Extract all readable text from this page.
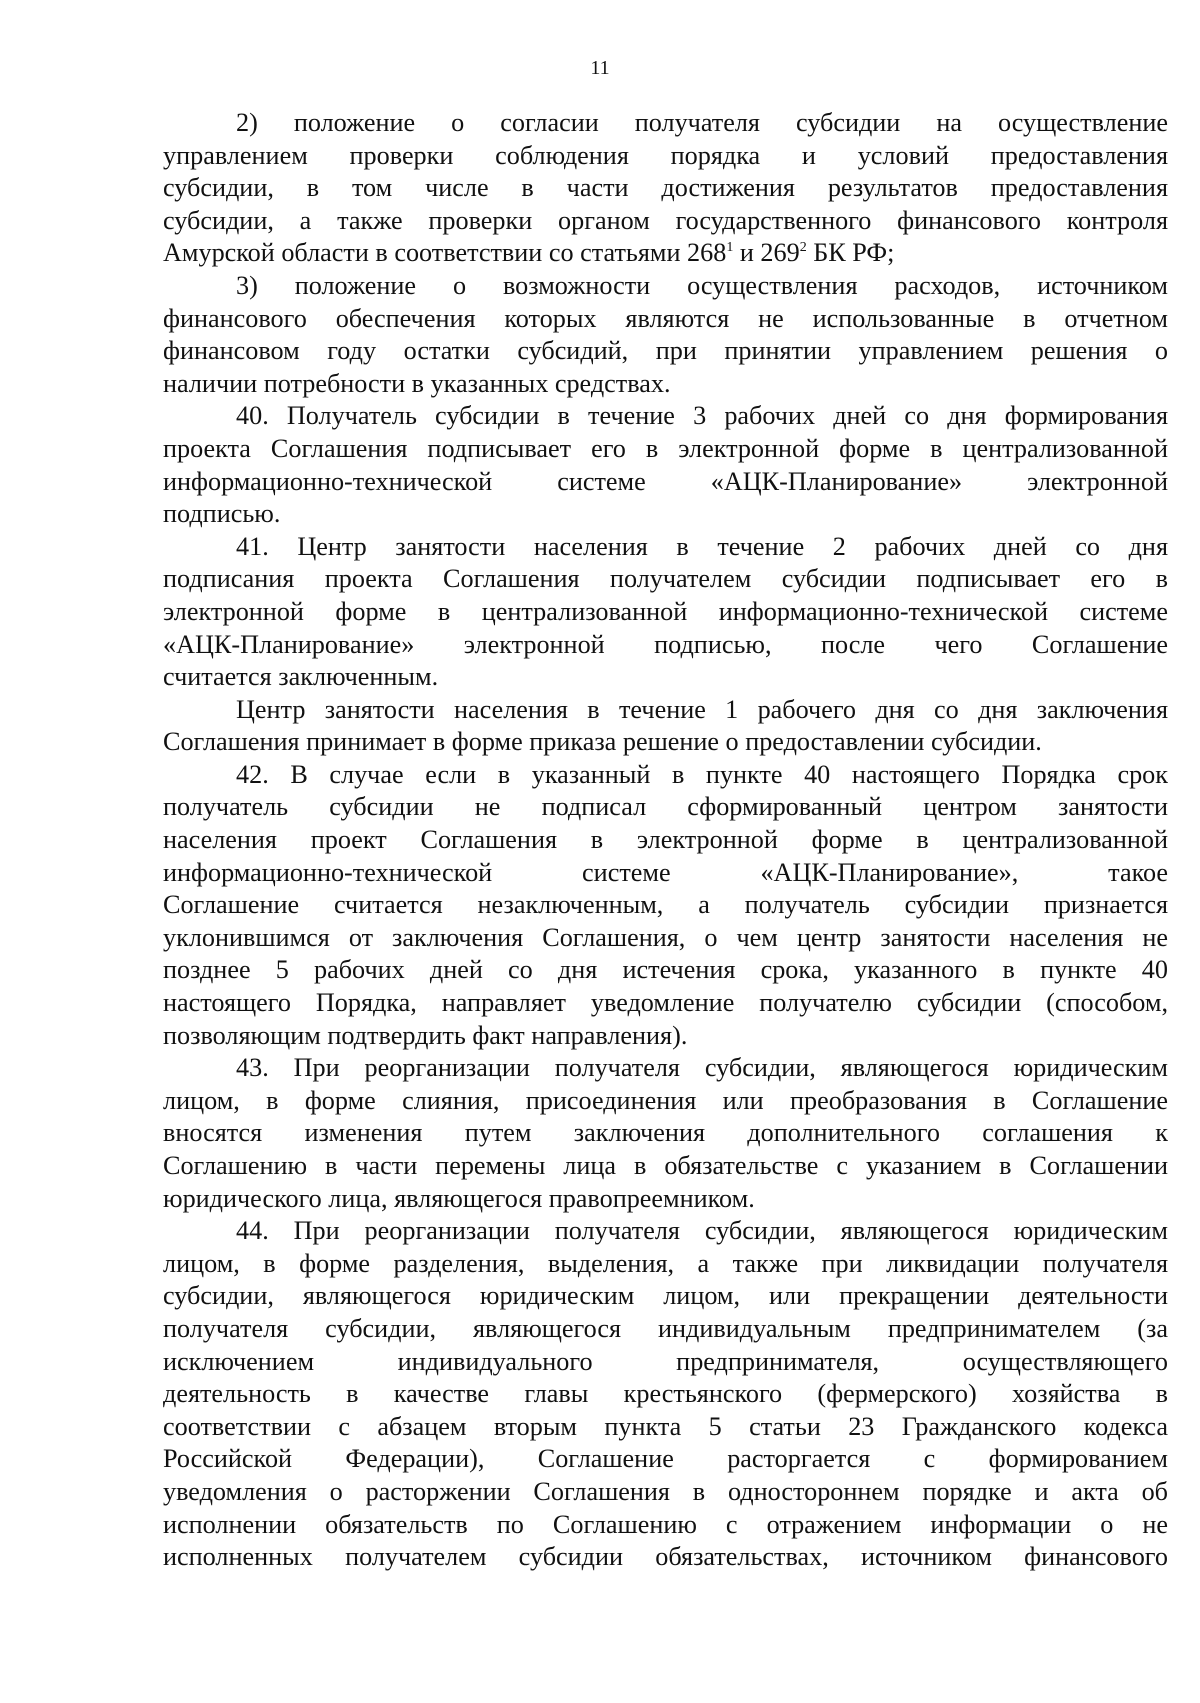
11

2) положение о согласии получателя субсидии на осуществление
управлением проверки соблюдения порядка и условий предоставления
субсидии, в том числе в части достижения результатов предоставления
субсидии, а также проверки органом государственного финансового контроля
Амурской области в соответствии со статьями $268^1$ и $269^2$ БК РФ;

3) положение о возможности осуществления расходов, источником
финансового обеспечения которых являются не использованные в отчетном
финансовом году остатки субсидий, при принятии управлением решения о
наличии потребности в указанных средствах.

40. Получатель субсидии в течение 3 рабочих дней со дня формирования
проекта Соглашения подписывает его в электронной форме в централизованной
информационно-технической системе «АЦК-Планирование» электронной
подписью.

41. Центр занятости населения в течение 2 рабочих дней со дня
подписания проекта Соглашения получателем субсидии подписывает его в
электронной форме в централизованной информационно-технической системе
«АЦК-Планирование» электронной подписью, после чего Соглашение
считается заключенным.

Центр занятости населения в течение 1 рабочего дня со дня заключения
Соглашения принимает в форме приказа решение о предоставлении субсидии.

42. В случае если в указанный в пункте 40 настоящего Порядка срок
получатель субсидии не подписал сформированный центром занятости
населения проект Соглашения в электронной форме в централизованной
информационно-технической системе «АЦК-Планирование», такое
Соглашение считается незаключенным, а получатель субсидии признается
уклонившимся от заключения Соглашения, о чем центр занятости населения не
позднее 5 рабочих дней со дня истечения срока, указанного в пункте 40
настоящего Порядка, направляет уведомление получателю субсидии (способом,
позволяющим подтвердить факт направления).

43. При реорганизации получателя субсидии, являющегося юридическим
лицом, в форме слияния, присоединения или преобразования в Соглашение
вносятся изменения путем заключения дополнительного соглашения к
Соглашению в части перемены лица в обязательстве с указанием в Соглашении
юридического лица, являющегося правопреемником.

44. При реорганизации получателя субсидии, являющегося юридическим
лицом, в форме разделения, выделения, а также при ликвидации получателя
субсидии, являющегося юридическим лицом, или прекращении деятельности
получателя субсидии, являющегося индивидуальным предпринимателем (за
исключением индивидуального предпринимателя, осуществляющего
деятельность в качестве главы крестьянского (фермерского) хозяйства в
соответствии с абзацем вторым пункта 5 статьи 23 Гражданского кодекса
Российской Федерации), Соглашение расторгается с формированием
уведомления о расторжении Соглашения в одностороннем порядке и акта об
исполнении обязательств по Соглашению с отражением информации о не
исполненных получателем субсидии обязательствах, источником финансового
